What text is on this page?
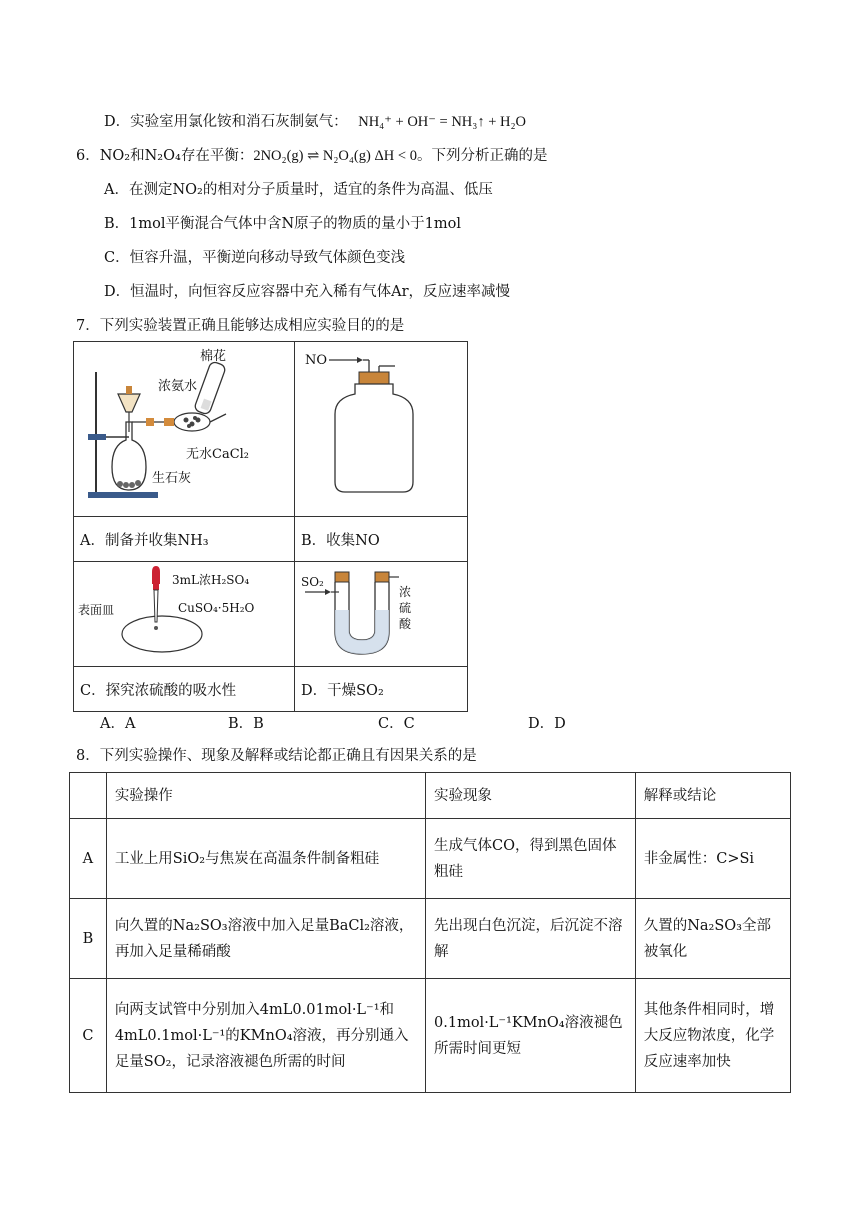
D．实验室用氯化铵和消石灰制氨气： NH₄⁺ + OH⁻ = NH₃↑ + H₂O
6．NO₂和N₂O₄存在平衡：2NO₂(g) ⇌ N₂O₄(g) ΔH < 0。下列分析正确的是
A．在测定NO₂的相对分子质量时，适宜的条件为高温、低压
B．1mol平衡混合气体中含N原子的物质的量小于1mol
C．恒容升温，平衡逆向移动导致气体颜色变浅
D．恒温时，向恒容反应容器中充入稀有气体Ar，反应速率减慢
7．下列实验装置正确且能够达成相应实验目的的是
浓氨水
棉花
无水CaCl₂
生石灰	NO

A．制备并收集NH₃	B．收集NO

3mL浓H₂SO₄
表面皿 CuSO₄·5H₂O	SO₂
浓
硫
酸

C．探究浓硫酸的吸水性	D．干燥SO₂
A．A	B．B	C．C	D．D
8．下列实验操作、现象及解释或结论都正确且有因果关系的是
	实验操作	实验现象	解释或结论
A	工业上用SiO₂与焦炭在高温条件制备粗硅	生成气体CO，得到黑色固体粗硅	非金属性：C>Si
B	向久置的Na₂SO₃溶液中加入足量BaCl₂溶液，再加入足量稀硝酸	先出现白色沉淀，后沉淀不溶解	久置的Na₂SO₃全部被氧化
C	向两支试管中分别加入4mL0.01mol·L⁻¹和4mL0.1mol·L⁻¹的KMnO₄溶液，再分别通入足量SO₂，记录溶液褪色所需的时间	0.1mol·L⁻¹KMnO₄溶液褪色所需时间更短	其他条件相同时，增大反应物浓度，化学反应速率加快
